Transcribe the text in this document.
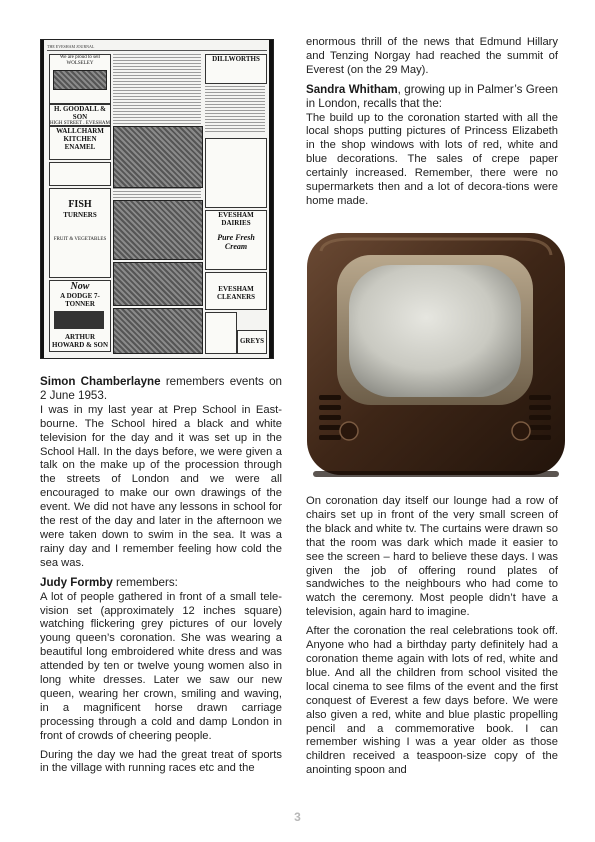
THE EVESHAM JOURNAL
We are proud to sell WOLSELEY
H. GOODALL & SON
HIGH STREET . EVESHAM
WALLCHARM KITCHEN ENAMEL
FISH
TURNERS
FRUIT & VEGETABLES
Now
A DODGE 7-TONNER
ARTHUR HOWARD & SON
DILLWORTHS
EVESHAM DAIRIES
Pure Fresh Cream
EVESHAM CLEANERS
GREYS

enormous thrill of the news that Edmund Hillary and Tenzing Norgay had reached the summit of Everest (on the 29 May).

Sandra Whitham, growing up in Palmer’s Green in London, recalls that the:

The build up to the coronation started with all the local shops putting pictures of Princess Elizabeth in the shop windows with lots of red, white and blue decorations. The sales of crepe paper certainly increased. Remember, there were no supermarkets then and a lot of decora-tions were home made.

Simon Chamberlayne remembers events on 2 June 1953.

I was in my last year at Prep School in East-bourne. The School hired a black and white television for the day and it was set up in the School Hall. In the days before, we were given a talk on the make up of the procession through the streets of London and we were all encouraged to make our own drawings of the event. We did not have any lessons in school for the rest of the day and later in the afternoon we were taken down to swim in the sea. It was a rainy day and I remember feeling how cold the sea was.

Judy Formby remembers:

A lot of people gathered in front of a small tele-vision set (approximately 12 inches square) watching flickering grey pictures of our lovely young queen’s coronation. She was wearing a beautiful long embroidered white dress and was attended by ten or twelve young women also in long white dresses. Later we saw our new queen, wearing her crown, smiling and waving, in a magnificent horse drawn carriage processing through a cold and damp London in front of crowds of cheering people.

During the day we had the great treat of sports in the village with running races etc and the

On coronation day itself our lounge had a row of chairs set up in front of the very small screen of the black and white tv. The curtains were drawn so that the room was dark which made it easier to see the screen – hard to believe these days. I was given the job of offering round plates of sandwiches to the neighbours who had come to watch the ceremony. Most people didn’t have a television, again hard to imagine.

After the coronation the real celebrations took off. Anyone who had a birthday party definitely had a coronation theme again with lots of red, white and blue. And all the children from school visited the local cinema to see films of the event and the first conquest of Everest a few days before. We were also given a red, white and blue plastic propelling pencil and a commemorative book. I can remember wishing I was a year older as those children received a teaspoon-size copy of the anointing spoon and

3
